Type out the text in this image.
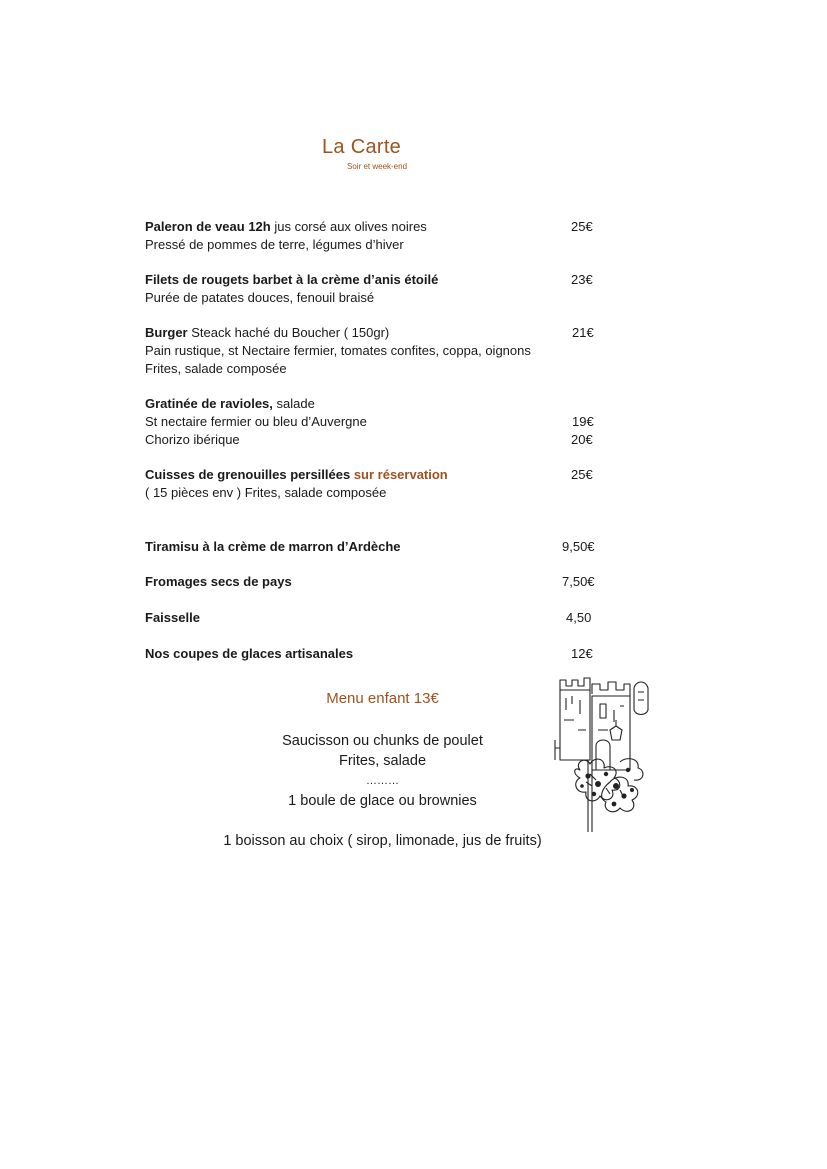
La Carte
Soir et week-end
Paleron de veau 12h jus corsé aux olives noires
Pressé de pommes de terre, légumes d’hiver
25€
Filets de rougets barbet à la crème d’anis étoilé
Purée de patates douces, fenouil braisé
23€
Burger Steack haché du Boucher ( 150gr)
Pain rustique, st Nectaire fermier, tomates confites, coppa, oignons
Frites, salade composée
21€
Gratinée de ravioles, salade
St nectaire fermier ou bleu d’Auvergne	19€
Chorizo ibérique	20€
Cuisses de grenouilles persillées sur réservation
( 15 pièces env ) Frites, salade composée
25€
Tiramisu à la crème de marron d’Ardèche	9,50€
Fromages secs de pays	7,50€
Faisselle	4,50
Nos coupes de glaces artisanales	12€
Menu enfant 13€
Saucisson ou chunks de poulet
Frites, salade
………
1 boule de glace ou brownies
1 boisson au choix ( sirop, limonade, jus de fruits)
